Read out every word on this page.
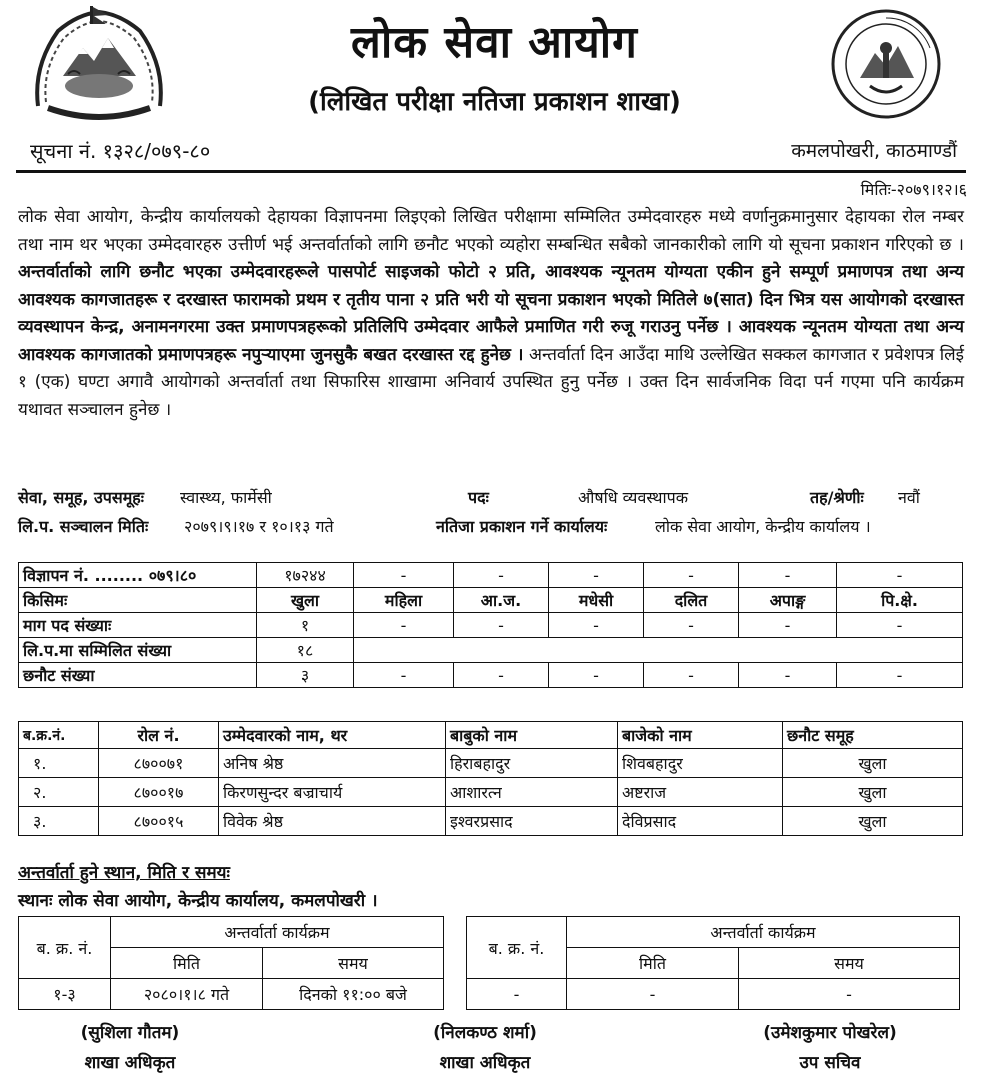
लोक सेवा आयोग
(लिखित परीक्षा नतिजा प्रकाशन शाखा)
सूचना नं. १३२८/०७९-८०	कमलपोखरी, काठमाण्डौं
मितिः-२०७९।१२।६
लोक सेवा आयोग, केन्द्रीय कार्यालयको देहायका विज्ञापनमा लिइएको लिखित परीक्षामा सम्मिलित उम्मेदवारहरु मध्ये वर्णानुक्रमानुसार देहायका रोल नम्बर तथा नाम थर भएका उम्मेदवारहरु उत्तीर्ण भई अन्तर्वार्ताको लागि छनौट भएको व्यहोरा सम्बन्धित सबैको जानकारीको लागि यो सूचना प्रकाशन गरिएको छ । अन्तर्वार्ताको लागि छनौट भएका उम्मेदवारहरूले पासपोर्ट साइजको फोटो २ प्रति, आवश्यक न्यूनतम योग्यता एकीन हुने सम्पूर्ण प्रमाणपत्र तथा अन्य आवश्यक कागजातहरू र दरखास्त फारामको प्रथम र तृतीय पाना २ प्रति भरी यो सूचना प्रकाशन भएको मितिले ७(सात) दिन भित्र यस आयोगको दरखास्त व्यवस्थापन केन्द्र, अनामनगरमा उक्त प्रमाणपत्रहरूको प्रतिलिपि उम्मेदवार आफैले प्रमाणित गरी रुजू गराउनु पर्नेछ । आवश्यक न्यूनतम योग्यता तथा अन्य आवश्यक कागजातको प्रमाणपत्रहरू नपुऱ्याएमा जुनसुकै बखत दरखास्त रद्द हुनेछ । अन्तर्वार्ता दिन आउँदा माथि उल्लेखित सक्कल कागजात र प्रवेशपत्र लिई १ (एक) घण्टा अगावै आयोगको अन्तर्वार्ता तथा सिफारिस शाखामा अनिवार्य उपस्थित हुनु पर्नेछ । उक्त दिन सार्वजनिक विदा पर्न गएमा पनि कार्यक्रम यथावत सञ्चालन हुनेछ ।
सेवा, समूह, उपसमूहः स्वास्थ्य, फार्मेसी	पदः	औषधि व्यवस्थापक	तह/श्रेणीः नवौं
लि.प. सञ्चालन मितिः २०७९।९।१७ र १०।१३ गते	नतिजा प्रकाशन गर्ने कार्यालयः	लोक सेवा आयोग, केन्द्रीय कार्यालय ।
विज्ञापन नं. ........ ०७९।८०	१७२४४	-	-	-	-	-	-
किसिमः	खुला	महिला	आ.ज.	मधेसी	दलित	अपाङ्ग	पि.क्षे.
माग पद संख्याः	१	-	-	-	-	-	-
लि.प.मा सम्मिलित संख्या	१८						
छनौट संख्या	३	-	-	-	-	-	-
ब.क्र.नं.	रोल नं.	उम्मेदवारको नाम, थर	बाबुको नाम	बाजेको नाम	छनौट समूह
१.	८७००७१	अनिष श्रेष्ठ	हिराबहादुर	शिवबहादुर	खुला
२.	८७००१७	किरणसुन्दर बज्राचार्य	आशारत्न	अष्टराज	खुला
३.	८७००१५	विवेक श्रेष्ठ	इश्वरप्रसाद	देविप्रसाद	खुला
अन्तर्वार्ता हुने स्थान, मिति र समयः
स्थानः लोक सेवा आयोग, केन्द्रीय कार्यालय, कमलपोखरी ।
ब. क्र. नं.	अन्तर्वार्ता कार्यक्रम	
	मिति	समय
१-३	२०८०।१।८ गते	दिनको ११:०० बजे
ब. क्र. नं.	अन्तर्वार्ता कार्यक्रम	
	मिति	समय
-	-	-
(सुशिला गौतम)
शाखा अधिकृत
(निलकण्ठ शर्मा)
शाखा अधिकृत
(उमेशकुमार पोखरेल)
उप सचिव
